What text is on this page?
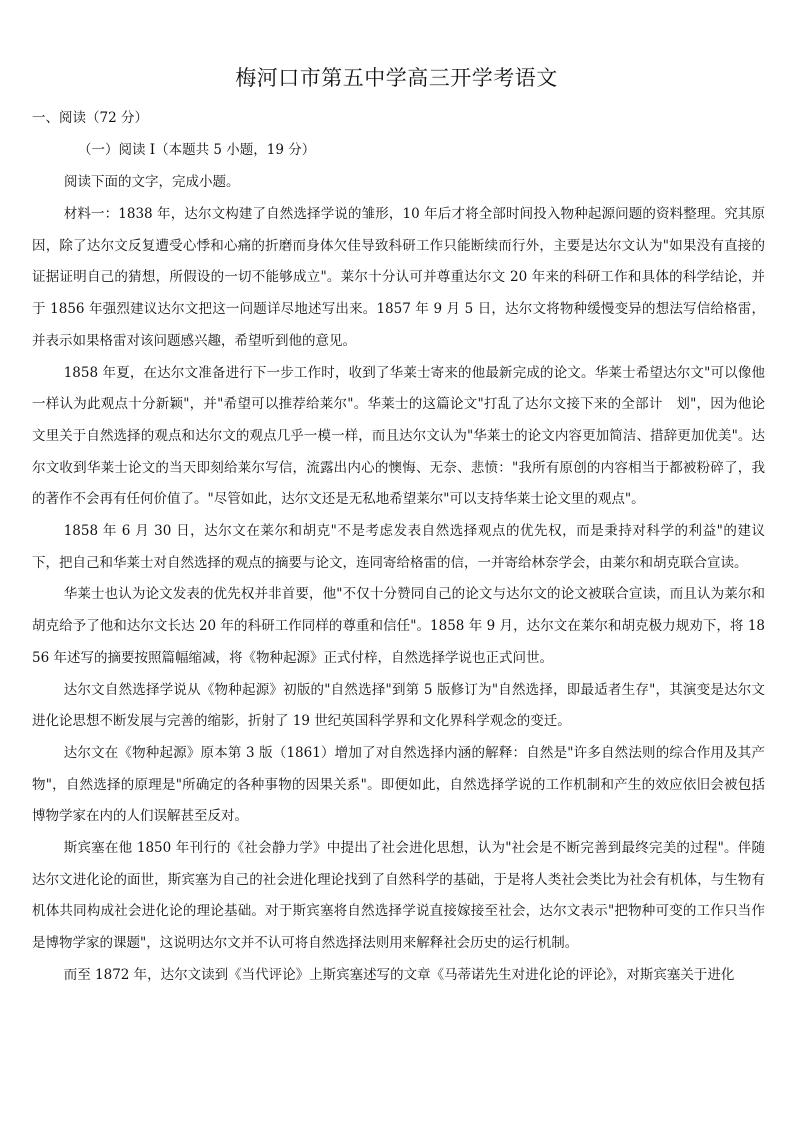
梅河口市第五中学高三开学考语文
一、阅读（72 分）
（一）阅读 I（本题共 5 小题，19 分）
阅读下面的文字，完成小题。

材料一：1838 年，达尔文构建了自然选择学说的雏形，10 年后才将全部时间投入物种起源问题的资料整理。究其原因，除了达尔文反复遭受心悸和心痛的折磨而身体欠佳导致科研工作只能断续而行外，主要是达尔文认为"如果没有直接的证据证明自己的猜想，所假设的一切不能够成立"。莱尔十分认可并尊重达尔文 20 年来的科研工作和具体的科学结论，并于 1856 年强烈建议达尔文把这一问题详尽地述写出来。1857 年 9 月 5 日，达尔文将物种缓慢变异的想法写信给格雷，并表示如果格雷对该问题感兴趣，希望听到他的意见。

1858 年夏，在达尔文准备进行下一步工作时，收到了华莱士寄来的他最新完成的论文。华莱士希望达尔文"可以像他一样认为此观点十分新颖"，并"希望可以推荐给莱尔"。华莱士的这篇论文"打乱了达尔文接下来的全部计　划"，因为他论文里关于自然选择的观点和达尔文的观点几乎一模一样，而且达尔文认为"华莱士的论文内容更加简洁、措辞更加优美"。达尔文收到华莱士论文的当天即刻给莱尔写信，流露出内心的懊悔、无奈、悲愤："我所有原创的内容相当于都被粉碎了，我的著作不会再有任何价值了。"尽管如此，达尔文还是无私地希望莱尔"可以支持华莱士论文里的观点"。

1858 年 6 月 30 日，达尔文在莱尔和胡克"不是考虑发表自然选择观点的优先权，而是秉持对科学的利益"的建议下，把自己和华莱士对自然选择的观点的摘要与论文，连同寄给格雷的信，一并寄给林奈学会，由莱尔和胡克联合宣读。

华莱士也认为论文发表的优先权并非首要，他"不仅十分赞同自己的论文与达尔文的论文被联合宣读，而且认为莱尔和胡克给予了他和达尔文长达 20 年的科研工作同样的尊重和信任"。1858 年 9 月，达尔文在莱尔和胡克极力规劝下，将 1856 年述写的摘要按照篇幅缩减，将《物种起源》正式付梓，自然选择学说也正式问世。

达尔文自然选择学说从《物种起源》初版的"自然选择"到第 5 版修订为"自然选择，即最适者生存"，其演变是达尔文进化论思想不断发展与完善的缩影，折射了 19 世纪英国科学界和文化界科学观念的变迁。

达尔文在《物种起源》原本第 3 版（1861）增加了对自然选择内涵的解释：自然是"许多自然法则的综合作用及其产物"，自然选择的原理是"所确定的各种事物的因果关系"。即便如此，自然选择学说的工作机制和产生的效应依旧会被包括博物学家在内的人们误解甚至反对。

斯宾塞在他 1850 年刊行的《社会静力学》中提出了社会进化思想，认为"社会是不断完善到最终完美的过程"。伴随达尔文进化论的面世，斯宾塞为自己的社会进化理论找到了自然科学的基础，于是将人类社会类比为社会有机体，与生物有机体共同构成社会进化论的理论基础。对于斯宾塞将自然选择学说直接嫁接至社会，达尔文表示"把物种可变的工作只当作是博物学家的课题"，这说明达尔文并不认可将自然选择法则用来解释社会历史的运行机制。

而至 1872 年，达尔文读到《当代评论》上斯宾塞述写的文章《马蒂诺先生对进化论的评论》，对斯宾塞关于进化
